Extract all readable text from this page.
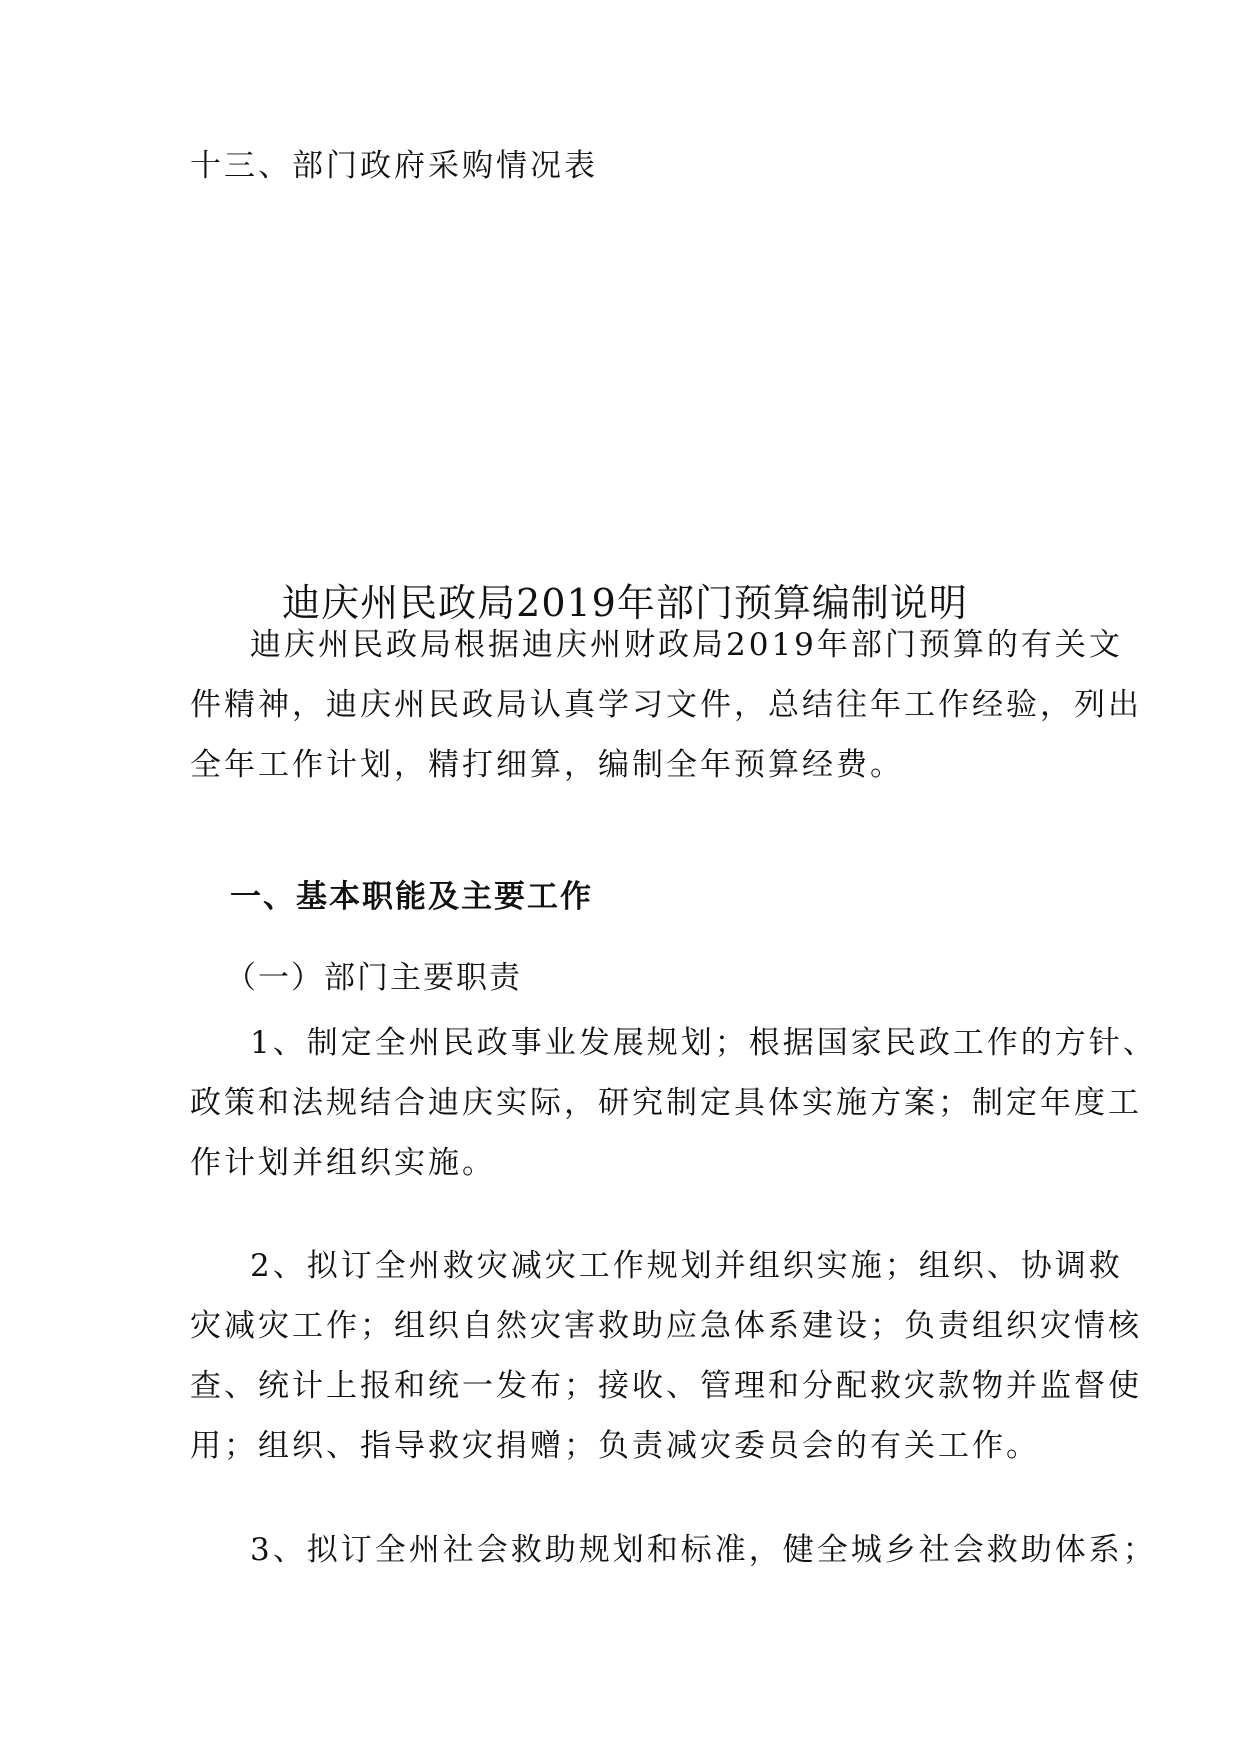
十三、部门政府采购情况表
迪庆州民政局2019年部门预算编制说明
迪庆州民政局根据迪庆州财政局2019年部门预算的有关文
件精神，迪庆州民政局认真学习文件，总结往年工作经验，列出
全年工作计划，精打细算，编制全年预算经费。
一、基本职能及主要工作
（一）部门主要职责
1、制定全州民政事业发展规划；根据国家民政工作的方针、
政策和法规结合迪庆实际，研究制定具体实施方案；制定年度工
作计划并组织实施。
2、拟订全州救灾减灾工作规划并组织实施；组织、协调救
灾减灾工作；组织自然灾害救助应急体系建设；负责组织灾情核
查、统计上报和统一发布；接收、管理和分配救灾款物并监督使
用；组织、指导救灾捐赠；负责减灾委员会的有关工作。
3、拟订全州社会救助规划和标准，健全城乡社会救助体系；
